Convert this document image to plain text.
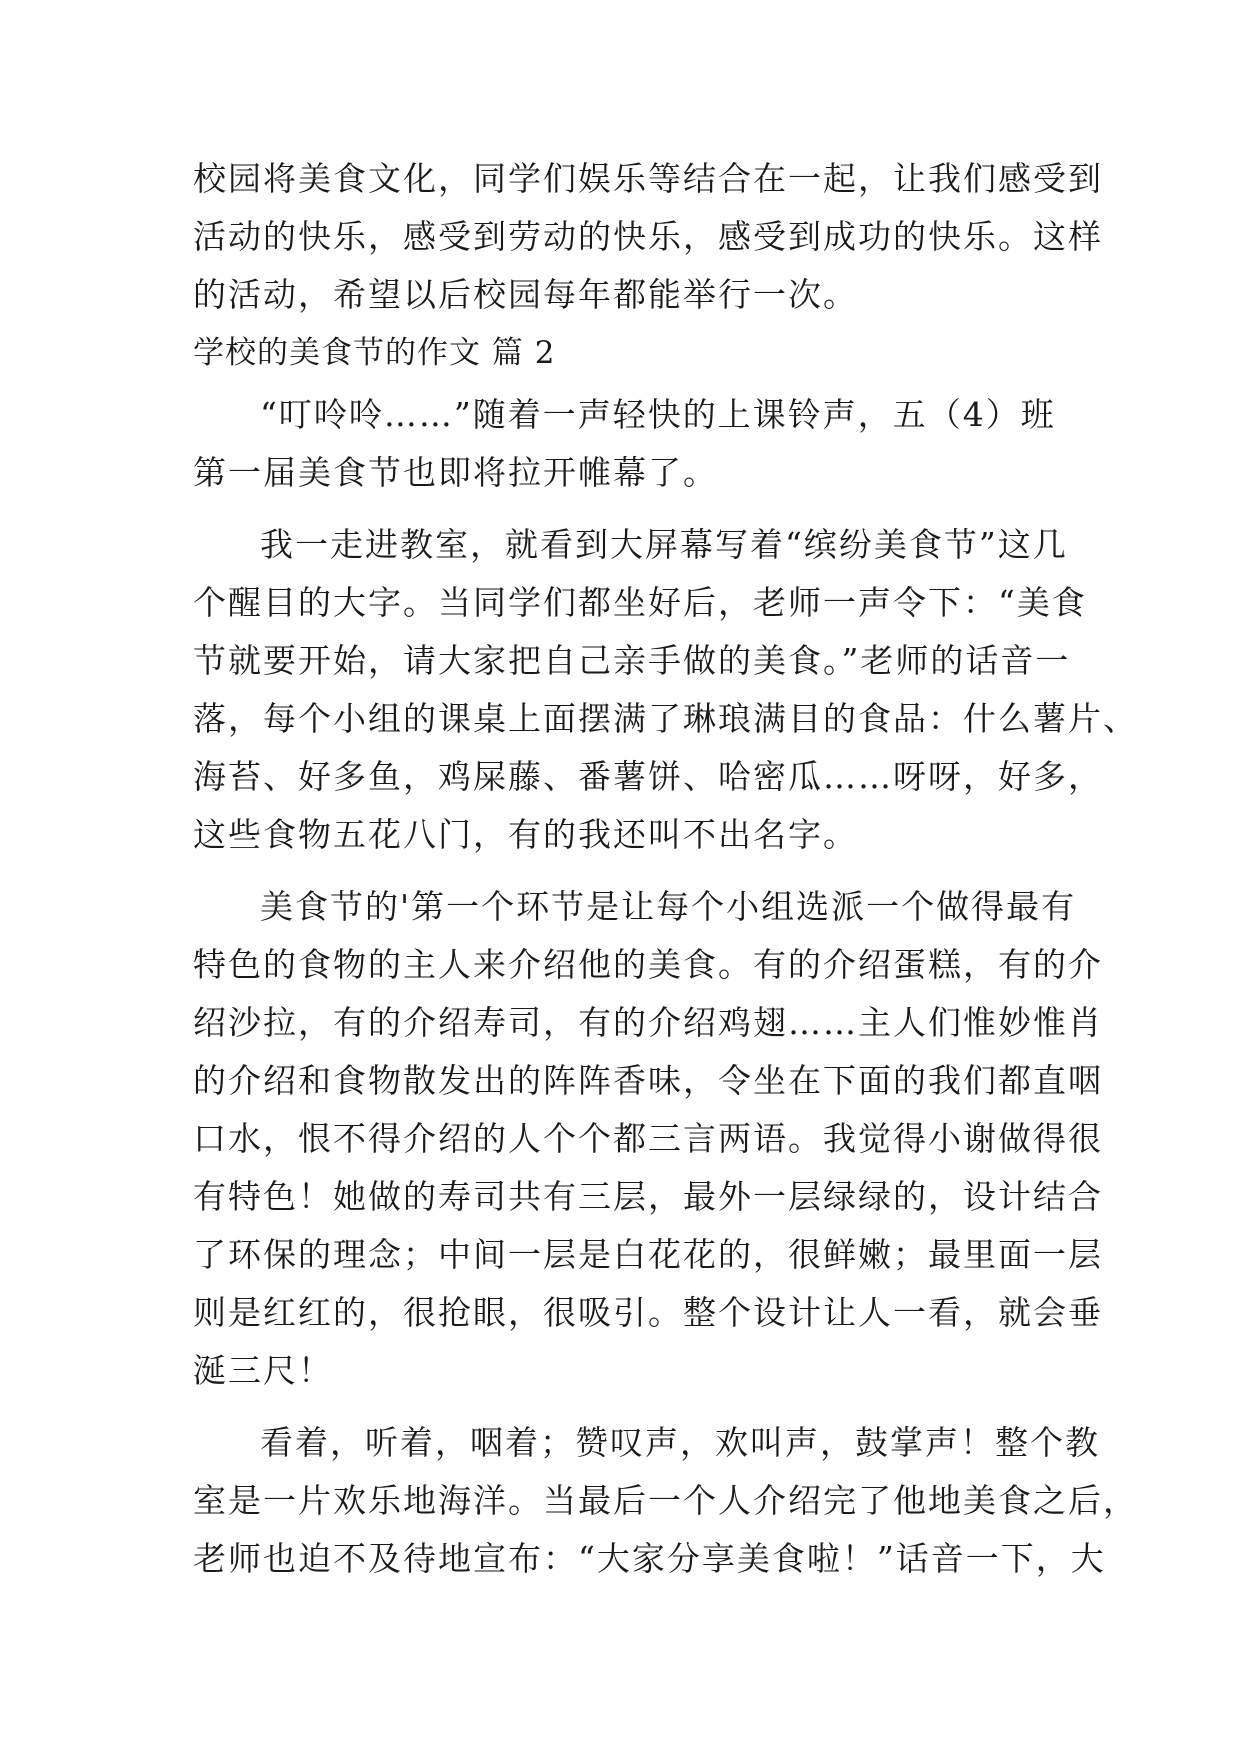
校园将美食文化，同学们娱乐等结合在一起，让我们感受到
活动的快乐，感受到劳动的快乐，感受到成功的快乐。这样
的活动，希望以后校园每年都能举行一次。
学校的美食节的作文 篇 2
“叮呤呤……”随着一声轻快的上课铃声，五（4）班
第一届美食节也即将拉开帷幕了。
我一走进教室，就看到大屏幕写着“缤纷美食节”这几
个醒目的大字。当同学们都坐好后，老师一声令下：“美食
节就要开始，请大家把自己亲手做的美食。”老师的话音一
落，每个小组的课桌上面摆满了琳琅满目的食品：什么薯片、
海苔、好多鱼，鸡屎藤、番薯饼、哈密瓜……呀呀，好多，
这些食物五花八门，有的我还叫不出名字。
美食节的'第一个环节是让每个小组选派一个做得最有
特色的食物的主人来介绍他的美食。有的介绍蛋糕，有的介
绍沙拉，有的介绍寿司，有的介绍鸡翅……主人们惟妙惟肖
的介绍和食物散发出的阵阵香味，令坐在下面的我们都直咽
口水，恨不得介绍的人个个都三言两语。我觉得小谢做得很
有特色！她做的寿司共有三层，最外一层绿绿的，设计结合
了环保的理念；中间一层是白花花的，很鲜嫩；最里面一层
则是红红的，很抢眼，很吸引。整个设计让人一看，就会垂
涎三尺！
看着，听着，咽着；赞叹声，欢叫声，鼓掌声！整个教
室是一片欢乐地海洋。当最后一个人介绍完了他地美食之后，
老师也迫不及待地宣布：“大家分享美食啦！”话音一下，大
